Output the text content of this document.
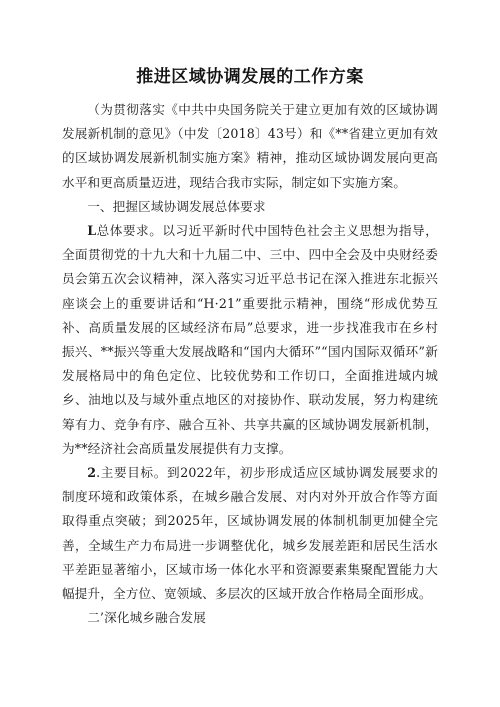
推进区域协调发展的工作方案

（为贯彻落实《中共中央国务院关于建立更加有效的区域协调发展新机制的意见》（中发〔2018〕43号）和《**省建立更加有效的区域协调发展新机制实施方案》精神，推动区域协调发展向更高水平和更高质量迈进，现结合我市实际，制定如下实施方案。

一、把握区域协调发展总体要求

L总体要求。以习近平新时代中国特色社会主义思想为指导，全面贯彻党的十九大和十九届二中、三中、四中全会及中央财经委员会第五次会议精神，深入落实习近平总书记在深入推进东北振兴座谈会上的重要讲话和“H·21”重要批示精神，围绕“形成优势互补、高质量发展的区域经济布局”总要求，进一步找准我市在乡村振兴、**振兴等重大发展战略和“国内大循环”“国内国际双循环”新发展格局中的角色定位、比较优势和工作切口，全面推进域内城乡、油地以及与域外重点地区的对接协作、联动发展，努力构建统筹有力、竞争有序、融合互补、共享共赢的区域协调发展新机制，为**经济社会高质量发展提供有力支撑。

2.主要目标。到2022年，初步形成适应区域协调发展要求的制度环境和政策体系，在城乡融合发展、对内对外开放合作等方面取得重点突破；到2025年，区域协调发展的体制机制更加健全完善，全域生产力布局进一步调整优化，城乡发展差距和居民生活水平差距显著缩小，区域市场一体化水平和资源要素集聚配置能力大幅提升，全方位、宽领域、多层次的区域开放合作格局全面形成。

二’深化城乡融合发展
